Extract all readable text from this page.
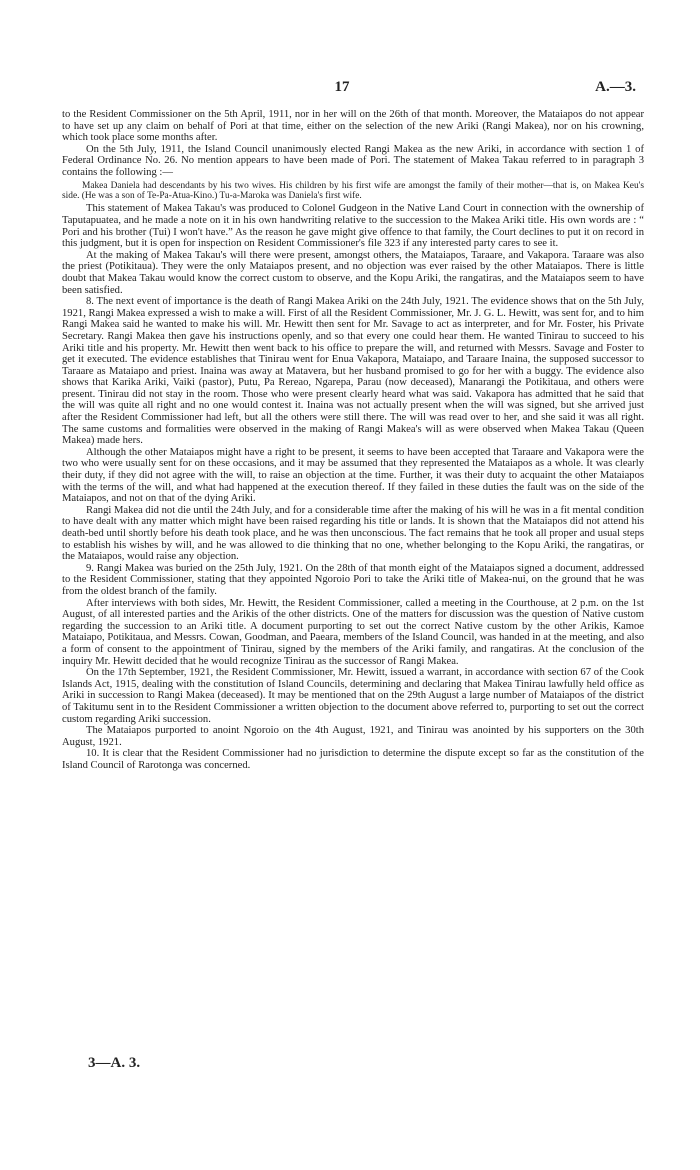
17	A.—3.

to the Resident Commissioner on the 5th April, 1911, nor in her will on the 26th of that month. Moreover, the Mataiapos do not appear to have set up any claim on behalf of Pori at that time, either on the selection of the new Ariki (Rangi Makea), nor on his crowning, which took place some months after.

On the 5th July, 1911, the Island Council unanimously elected Rangi Makea as the new Ariki, in accordance with section 1 of Federal Ordinance No. 26. No mention appears to have been made of Pori. The statement of Makea Takau referred to in paragraph 3 contains the following :—

Makea Daniela had descendants by his two wives. His children by his first wife are amongst the family of their mother—that is, on Makea Keu's side. (He was a son of Te-Pa-Atua-Kino.) Tu-a-Maroka was Daniela's first wife.

This statement of Makea Takau's was produced to Colonel Gudgeon in the Native Land Court in connection with the ownership of Taputapuatea, and he made a note on it in his own handwriting relative to the succession to the Makea Ariki title. His own words are : “ Pori and his brother (Tui) I won't have.” As the reason he gave might give offence to that family, the Court declines to put it on record in this judgment, but it is open for inspection on Resident Commissioner's file 323 if any interested party cares to see it.

At the making of Makea Takau's will there were present, amongst others, the Mataiapos, Taraare, and Vakapora. Taraare was also the priest (Potikitaua). They were the only Mataiapos present, and no objection was ever raised by the other Mataiapos. There is little doubt that Makea Takau would know the correct custom to observe, and the Kopu Ariki, the rangatiras, and the Mataiapos seem to have been satisfied.

8. The next event of importance is the death of Rangi Makea Ariki on the 24th July, 1921. The evidence shows that on the 5th July, 1921, Rangi Makea expressed a wish to make a will. First of all the Resident Commissioner, Mr. J. G. L. Hewitt, was sent for, and to him Rangi Makea said he wanted to make his will. Mr. Hewitt then sent for Mr. Savage to act as interpreter, and for Mr. Foster, his Private Secretary. Rangi Makea then gave his instructions openly, and so that every one could hear them. He wanted Tinirau to succeed to his Ariki title and his property. Mr. Hewitt then went back to his office to prepare the will, and returned with Messrs. Savage and Foster to get it executed. The evidence establishes that Tinirau went for Enua Vakapora, Mataiapo, and Taraare Inaina, the supposed successor to Taraare as Mataiapo and priest. Inaina was away at Matavera, but her husband promised to go for her with a buggy. The evidence also shows that Karika Ariki, Vaiki (pastor), Putu, Pa Rereao, Ngarepa, Parau (now deceased), Manarangi the Potikitaua, and others were present. Tinirau did not stay in the room. Those who were present clearly heard what was said. Vakapora has admitted that he said that the will was quite all right and no one would contest it. Inaina was not actually present when the will was signed, but she arrived just after the Resident Commissioner had left, but all the others were still there. The will was read over to her, and she said it was all right. The same customs and formalities were observed in the making of Rangi Makea's will as were observed when Makea Takau (Queen Makea) made hers.

Although the other Mataiapos might have a right to be present, it seems to have been accepted that Taraare and Vakapora were the two who were usually sent for on these occasions, and it may be assumed that they represented the Mataiapos as a whole. It was clearly their duty, if they did not agree with the will, to raise an objection at the time. Further, it was their duty to acquaint the other Mataiapos with the terms of the will, and what had happened at the execution thereof. If they failed in these duties the fault was on the side of the Mataiapos, and not on that of the dying Ariki.

Rangi Makea did not die until the 24th July, and for a considerable time after the making of his will he was in a fit mental condition to have dealt with any matter which might have been raised regarding his title or lands. It is shown that the Mataiapos did not attend his death-bed until shortly before his death took place, and he was then unconscious. The fact remains that he took all proper and usual steps to establish his wishes by will, and he was allowed to die thinking that no one, whether belonging to the Kopu Ariki, the rangatiras, or the Mataiapos, would raise any objection.

9. Rangi Makea was buried on the 25th July, 1921. On the 28th of that month eight of the Mataiapos signed a document, addressed to the Resident Commissioner, stating that they appointed Ngoroio Pori to take the Ariki title of Makea-nui, on the ground that he was from the oldest branch of the family.

After interviews with both sides, Mr. Hewitt, the Resident Commissioner, called a meeting in the Courthouse, at 2 p.m. on the 1st August, of all interested parties and the Arikis of the other districts. One of the matters for discussion was the question of Native custom regarding the succession to an Ariki title. A document purporting to set out the correct Native custom by the other Arikis, Kamoe Mataiapo, Potikitaua, and Messrs. Cowan, Goodman, and Paeara, members of the Island Council, was handed in at the meeting, and also a form of consent to the appointment of Tinirau, signed by the members of the Ariki family, and rangatiras. At the conclusion of the inquiry Mr. Hewitt decided that he would recognize Tinirau as the successor of Rangi Makea.

On the 17th September, 1921, the Resident Commissioner, Mr. Hewitt, issued a warrant, in accordance with section 67 of the Cook Islands Act, 1915, dealing with the constitution of Island Councils, determining and declaring that Makea Tinirau lawfully held office as Ariki in succession to Rangi Makea (deceased). It may be mentioned that on the 29th August a large number of Mataiapos of the district of Takitumu sent in to the Resident Commissioner a written objection to the document above referred to, purporting to set out the correct custom regarding Ariki succession.

The Mataiapos purported to anoint Ngoroio on the 4th August, 1921, and Tinirau was anointed by his supporters on the 30th August, 1921.

10. It is clear that the Resident Commissioner had no jurisdiction to determine the dispute except so far as the constitution of the Island Council of Rarotonga was concerned.

3—A. 3.
